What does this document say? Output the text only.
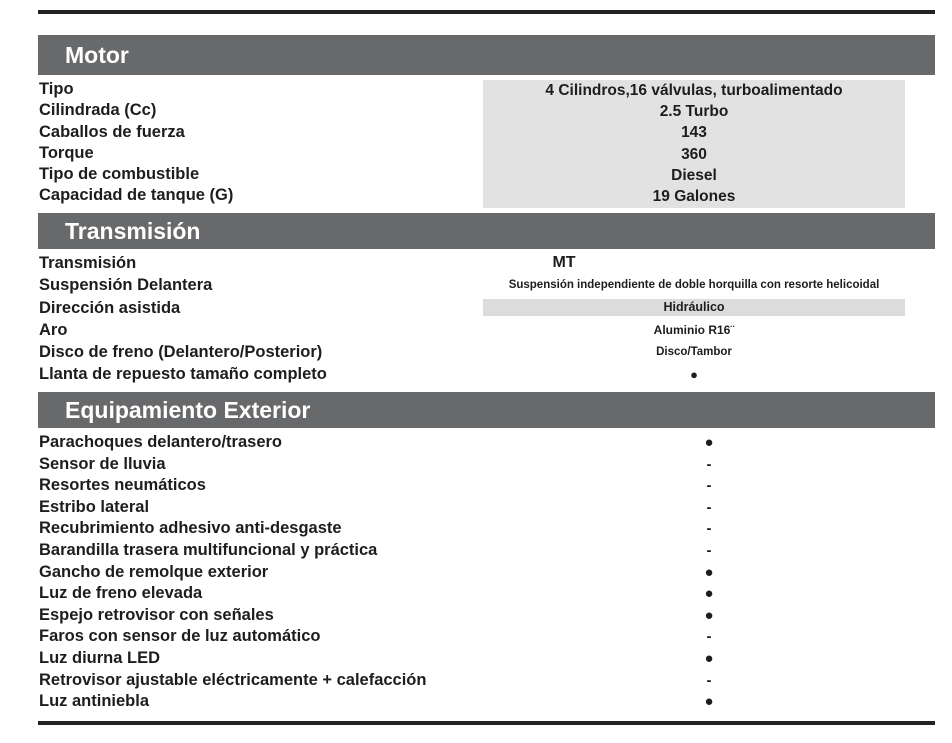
Motor
Tipo
Cilindrada (Cc)
Caballos de fuerza
Torque
Tipo de combustible
Capacidad de tanque (G)
4 Cilindros,16 válvulas, turboalimentado
2.5 Turbo
143
360
Diesel
19 Galones
Transmisión
Transmisión
Suspensión Delantera
Dirección asistida
Aro
Disco de freno (Delantero/Posterior)
Llanta de repuesto tamaño completo
MT
Suspensión independiente de doble horquilla con resorte helicoidal
Hidráulico
Aluminio R16¨
Disco/Tambor
●
Equipamiento Exterior
Parachoques delantero/trasero
Sensor de lluvia
Resortes neumáticos
Estribo lateral
Recubrimiento adhesivo anti-desgaste
Barandilla trasera multifuncional y práctica
Gancho de remolque exterior
Luz de freno elevada
Espejo retrovisor con señales
Faros con sensor de luz automático
Luz diurna LED
Retrovisor ajustable eléctricamente + calefacción
Luz antiniebla
●
-
-
-
-
-
●
●
●
-
●
-
●
